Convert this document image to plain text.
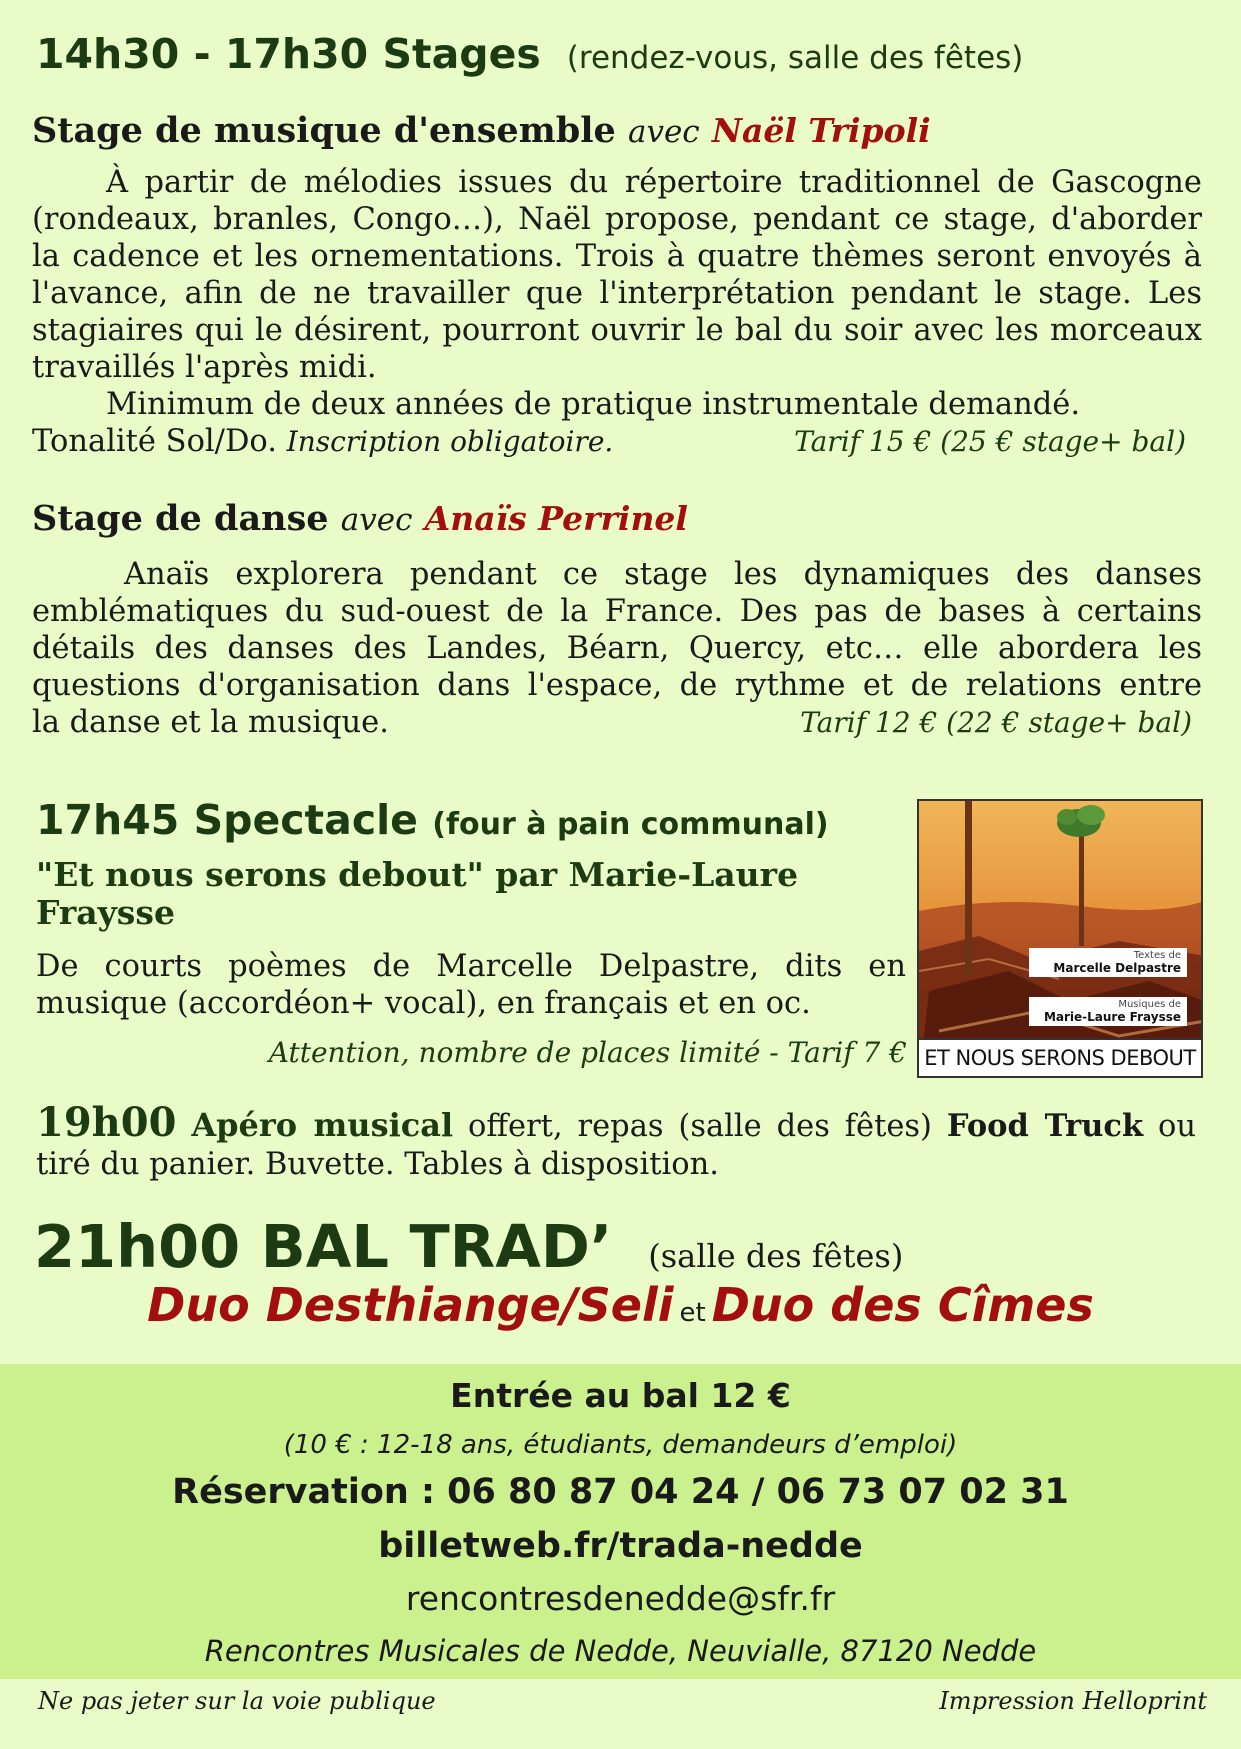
14h30 - 17h30 Stages (rendez-vous, salle des fêtes)
Stage de musique d'ensemble avec Naël Tripoli

À partir de mélodies issues du répertoire traditionnel de Gascogne (rondeaux, branles, Congo…), Naël propose, pendant ce stage, d'aborder la cadence et les ornementations. Trois à quatre thèmes seront envoyés à l'avance, afin de ne travailler que l'interprétation pendant le stage. Les stagiaires qui le désirent, pourront ouvrir le bal du soir avec les morceaux travaillés l'après midi.

Minimum de deux années de pratique instrumentale demandé.

Tonalité Sol/Do. Inscription obligatoire.	Tarif 15 € (25 € stage+ bal)
Stage de danse avec Anaïs Perrinel

Anaïs explorera pendant ce stage les dynamiques des danses emblématiques du sud-ouest de la France. Des pas de bases à certains détails des danses des Landes, Béarn, Quercy, etc… elle abordera les questions d'organisation dans l'espace, de rythme et de relations entre

la danse et la musique.	Tarif 12 € (22 € stage+ bal)
17h45 Spectacle (four à pain communal)
"Et nous serons debout" par Marie-Laure Fraysse
De courts poèmes de Marcelle Delpastre, dits en musique (accordéon+ vocal), en français et en oc.
Attention, nombre de places limité - Tarif 7 €
Textes de
Marcelle Delpastre
Musiques de
Marie-Laure Fraysse
ET NOUS SERONS DEBOUT
19h00 Apéro musical offert, repas (salle des fêtes) Food Truck ou tiré du panier. Buvette. Tables à disposition.
21h00 BAL TRAD’ (salle des fêtes)
Duo Desthiange/Seli et Duo des Cîmes
Entrée au bal 12 €
(10 € : 12-18 ans, étudiants, demandeurs d’emploi)
Réservation : 06 80 87 04 24 / 06 73 07 02 31
billetweb.fr/trada-nedde
rencontresdenedde@sfr.fr
Rencontres Musicales de Nedde, Neuvialle, 87120 Nedde
Ne pas jeter sur la voie publique	Impression Helloprint
